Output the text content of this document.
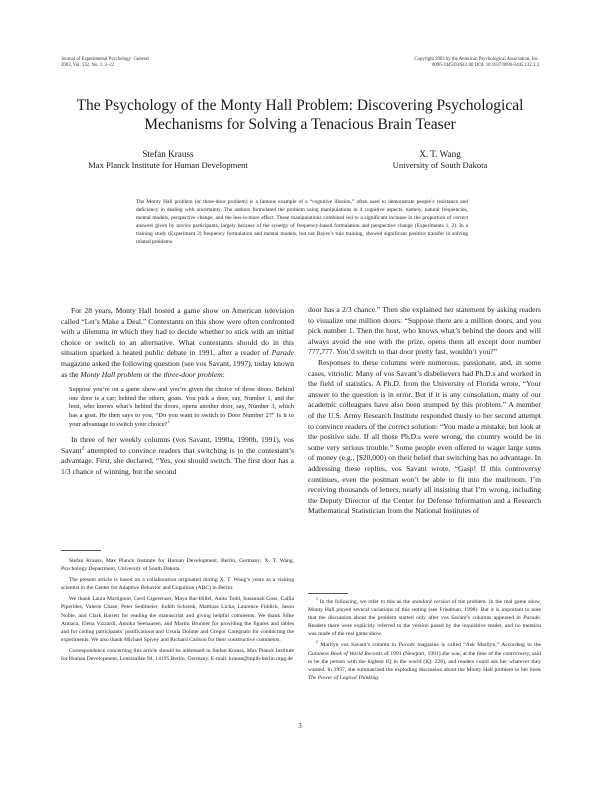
Journal of Experimental Psychology: General
2003, Vol. 132, No. 1, 3–22
Copyright 2003 by the American Psychological Association, Inc.
0096-3445/03/$12.00 DOI: 10.1037/0096-3445.132.1.3
The Psychology of the Monty Hall Problem: Discovering Psychological Mechanisms for Solving a Tenacious Brain Teaser
Stefan Krauss
Max Planck Institute for Human Development
X. T. Wang
University of South Dakota

The Monty Hall problem (or three-door problem) is a famous example of a “cognitive illusion,” often used to demonstrate people’s resistance and deficiency in dealing with uncertainty. The authors formulated the problem using manipulations in 4 cognitive aspects, namely, natural frequencies, mental models, perspective change, and the less-is-more effect. These manipulations combined led to a significant increase in the proportion of correct answers given by novice participants, largely because of the synergy of frequency-based formulation and perspective change (Experiments 1, 2). In a training study (Experiment 3) frequency formulation and mental models, but not Bayes’s rule training, showed significant positive transfer in solving related problems.

For 28 years, Monty Hall hosted a game show on American television called “Let’s Make a Deal.” Contestants on this show were often confronted with a dilemma in which they had to decide whether to stick with an initial choice or switch to an alternative. What contestants should do in this situation sparked a heated public debate in 1991, after a reader of Parade magazine asked the following question (see vos Savant, 1997), today known as the Monty Hall problem or the three-door problem:

Suppose you’re on a game show and you’re given the choice of three doors. Behind one door is a car; behind the others, goats. You pick a door, say, Number 1, and the host, who knows what’s behind the doors, opens another door, say, Number 3, which has a goat. He then says to you, “Do you want to switch to Door Number 2?” Is it to your advantage to switch your choice?$^1$

In three of her weekly columns (vos Savant, 1990a, 1990b, 1991), vos Savant$^2$ attempted to convince readers that switching is to the contestant’s advantage. First, she declared, “Yes, you should switch. The first door has a 1/3 chance of winning, but the second

door has a 2/3 chance.” Then she explained her statement by asking readers to visualize one million doors: “Suppose there are a million doors, and you pick number 1. Then the host, who knows what’s behind the doors and will always avoid the one with the prize, opens them all except door number 777,777. You’d switch to that door pretty fast, wouldn’t you?”

Responses to these columns were numerous, passionate, and, in some cases, vitriolic. Many of vos Savant’s disbelievers had Ph.D.s and worked in the field of statistics. A Ph.D. from the University of Florida wrote, “Your answer to the question is in error. But if it is any consolation, many of our academic colleagues have also been stumped by this problem.” A member of the U.S. Army Research Institute responded thusly to her second attempt to convince readers of the correct solution: “You made a mistake, but look at the positive side. If all those Ph.D.s were wrong, the country would be in some very serious trouble.” Some people even offered to wager large sums of money (e.g., [$20,000) on their belief that switching has no advantage. In addressing these replies, vos Savant wrote, “Gasp! If this controversy continues, even the postman won’t be able to fit into the mailroom. I’m receiving thousands of letters, nearly all insisting that I’m wrong, including the Deputy Director of the Center for Defense Information and a Research Mathematical Statistician from the National Institutes of

Stefan Krauss, Max Planck Institute for Human Development, Berlin, Germany; X. T. Wang, Psychology Department, University of South Dakota.

The present article is based on a collaboration originated during X. T. Wang’s years as a visiting scientist in the Center for Adaptive Behavior and Cognition (ABC) in Berlin.

We thank Laura Martignon, Gerd Gigerenzer, Maya Bar-Hillel, Anita Todd, Susannah Goss, Callia Piperides, Valerie Chase, Peter Sedlmeier, Judith Schrenk, Matthias Licha, Laurence Fiddick, Jason Noble, and Clark Barrett for reading the manuscript and giving helpful comments. We thank Silke Atmaca, Elena Vizzardi, Annika Seehausen, and Martin Brunner for providing the figures and tables and for coding participants’ justifications and Ursula Dohme and Gregor Caregnato for conducting the experiments. We also thank Michael Spivey and Richard Carlson for their constructive comments.

Correspondence concerning this article should be addressed to Stefan Krauss, Max Planck Institute for Human Development, Lentzeallee 94, 14195 Berlin, Germany. E-mail: krauss@mpib-berlin.mpg.de

$^1$ In the following, we refer to this as the standard version of the problem. In the real game show, Monty Hall played several variations of this setting (see Friedman, 1998). But it is important to note that the discussion about the problem started only after vos Savant’s columns appeared in Parade. Readers there were explicitly referred to the version posed by the inquisitive reader, and no mention was made of the real game show.

$^2$ Marilyn vos Savant’s column in Parade magazine is called “Ask Marilyn.” According to the Guinness Book of World Records of 1991 (Newport, 1991) she was, at the time of the controversy, said to be the person with the highest IQ in the world (IQ: 228), and readers could ask her whatever they wanted. In 1997, she summarized the exploding discussion about the Monty Hall problem in her book The Power of Logical Thinking.

3
